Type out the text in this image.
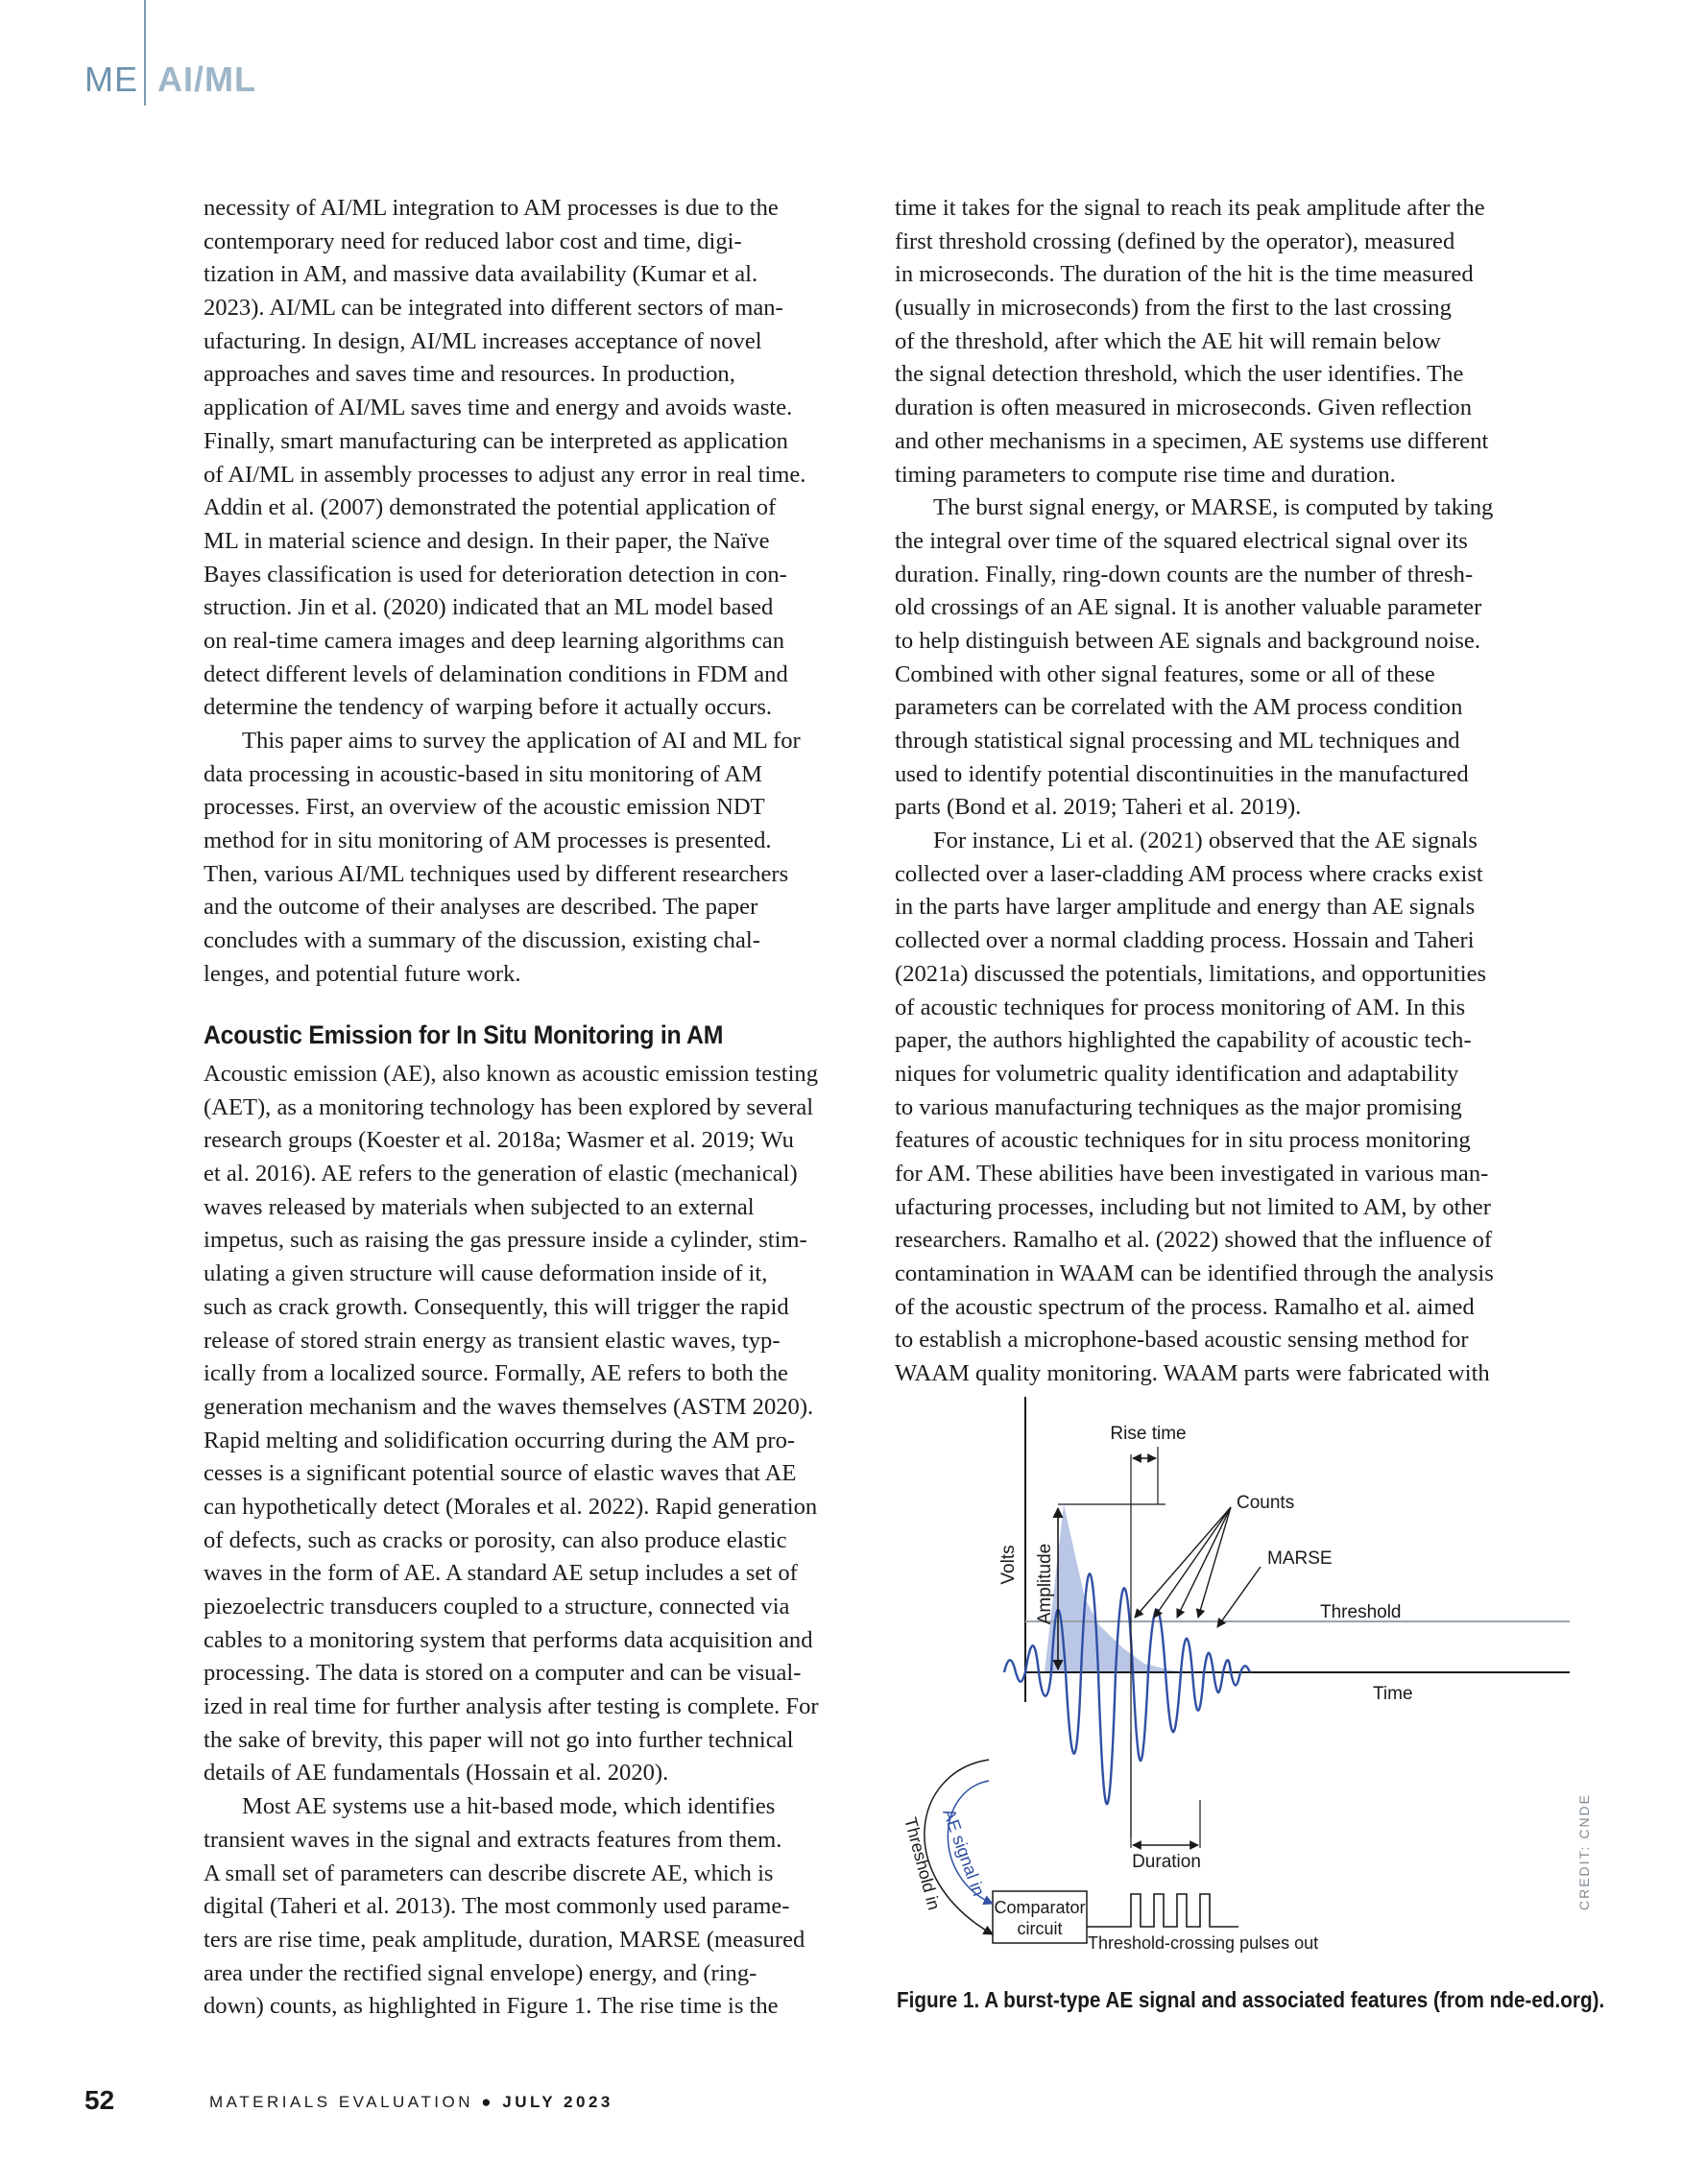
ME AI/ML
necessity of AI/ML integration to AM processes is due to the
contemporary need for reduced labor cost and time, digi-
tization in AM, and massive data availability (Kumar et al.
2023). AI/ML can be integrated into different sectors of man-
ufacturing. In design, AI/ML increases acceptance of novel
approaches and saves time and resources. In production,
application of AI/ML saves time and energy and avoids waste.
Finally, smart manufacturing can be interpreted as application
of AI/ML in assembly processes to adjust any error in real time.
Addin et al. (2007) demonstrated the potential application of
ML in material science and design. In their paper, the Naïve
Bayes classification is used for deterioration detection in con-
struction. Jin et al. (2020) indicated that an ML model based
on real-time camera images and deep learning algorithms can
detect different levels of delamination conditions in FDM and
determine the tendency of warping before it actually occurs.
This paper aims to survey the application of AI and ML for
data processing in acoustic-based in situ monitoring of AM
processes. First, an overview of the acoustic emission NDT
method for in situ monitoring of AM processes is presented.
Then, various AI/ML techniques used by different researchers
and the outcome of their analyses are described. The paper
concludes with a summary of the discussion, existing chal-
lenges, and potential future work.
Acoustic Emission for In Situ Monitoring in AM
Acoustic emission (AE), also known as acoustic emission testing
(AET), as a monitoring technology has been explored by several
research groups (Koester et al. 2018a; Wasmer et al. 2019; Wu
et al. 2016). AE refers to the generation of elastic (mechanical)
waves released by materials when subjected to an external
impetus, such as raising the gas pressure inside a cylinder, stim-
ulating a given structure will cause deformation inside of it,
such as crack growth. Consequently, this will trigger the rapid
release of stored strain energy as transient elastic waves, typ-
ically from a localized source. Formally, AE refers to both the
generation mechanism and the waves themselves (ASTM 2020).
Rapid melting and solidification occurring during the AM pro-
cesses is a significant potential source of elastic waves that AE
can hypothetically detect (Morales et al. 2022). Rapid generation
of defects, such as cracks or porosity, can also produce elastic
waves in the form of AE. A standard AE setup includes a set of
piezoelectric transducers coupled to a structure, connected via
cables to a monitoring system that performs data acquisition and
processing. The data is stored on a computer and can be visual-
ized in real time for further analysis after testing is complete. For
the sake of brevity, this paper will not go into further technical
details of AE fundamentals (Hossain et al. 2020).
Most AE systems use a hit-based mode, which identifies
transient waves in the signal and extracts features from them.
A small set of parameters can describe discrete AE, which is
digital (Taheri et al. 2013). The most commonly used parame-
ters are rise time, peak amplitude, duration, MARSE (measured
area under the rectified signal envelope) energy, and (ring-
down) counts, as highlighted in Figure 1. The rise time is the
time it takes for the signal to reach its peak amplitude after the
first threshold crossing (defined by the operator), measured
in microseconds. The duration of the hit is the time measured
(usually in microseconds) from the first to the last crossing
of the threshold, after which the AE hit will remain below
the signal detection threshold, which the user identifies. The
duration is often measured in microseconds. Given reflection
and other mechanisms in a specimen, AE systems use different
timing parameters to compute rise time and duration.
The burst signal energy, or MARSE, is computed by taking
the integral over time of the squared electrical signal over its
duration. Finally, ring-down counts are the number of thresh-
old crossings of an AE signal. It is another valuable parameter
to help distinguish between AE signals and background noise.
Combined with other signal features, some or all of these
parameters can be correlated with the AM process condition
through statistical signal processing and ML techniques and
used to identify potential discontinuities in the manufactured
parts (Bond et al. 2019; Taheri et al. 2019).
For instance, Li et al. (2021) observed that the AE signals
collected over a laser-cladding AM process where cracks exist
in the parts have larger amplitude and energy than AE signals
collected over a normal cladding process. Hossain and Taheri
(2021a) discussed the potentials, limitations, and opportunities
of acoustic techniques for process monitoring of AM. In this
paper, the authors highlighted the capability of acoustic tech-
niques for volumetric quality identification and adaptability
to various manufacturing techniques as the major promising
features of acoustic techniques for in situ process monitoring
for AM. These abilities have been investigated in various man-
ufacturing processes, including but not limited to AM, by other
researchers. Ramalho et al. (2022) showed that the influence of
contamination in WAAM can be identified through the analysis
of the acoustic spectrum of the process. Ramalho et al. aimed
to establish a microphone-based acoustic sensing method for
WAAM quality monitoring. WAAM parts were fabricated with
Rise time
Counts
MARSE
Threshold
Time
Volts Amplitude
Duration
Comparator
circuit
Threshold in
AE signal in
Threshold-crossing pulses out
Figure 1. A burst-type AE signal and associated features (from nde-ed.org).
CREDIT: CNDE
52	MATERIALS EVALUATION ● JULY 2023
